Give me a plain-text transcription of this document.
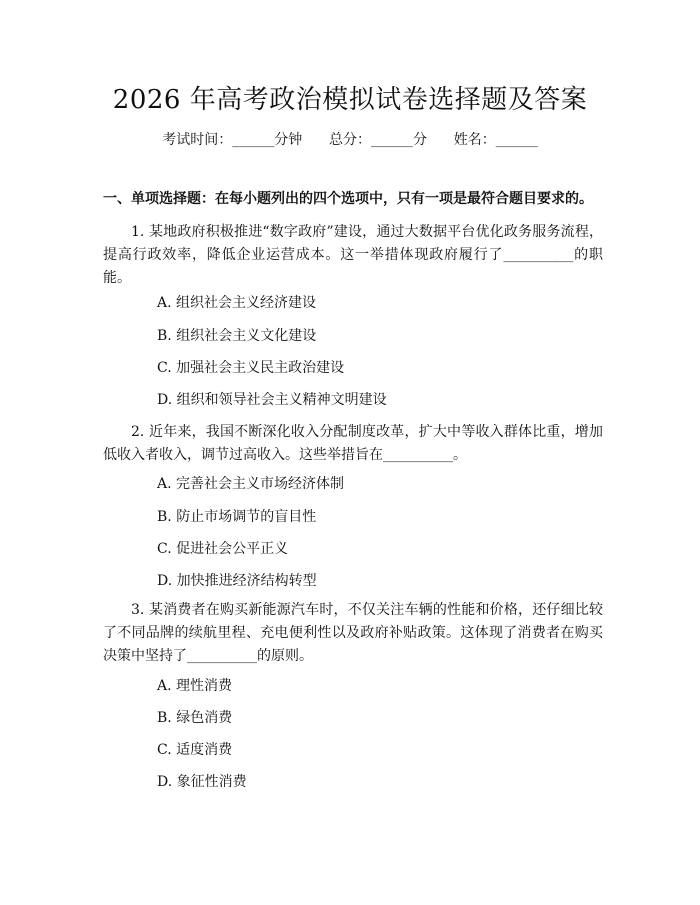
2026 年高考政治模拟试卷选择题及答案
考试时间：______分钟      总分：______分      姓名：______
一、单项选择题：在每小题列出的四个选项中，只有一项是最符合题目要求的。

1. 某地政府积极推进“数字政府”建设，通过大数据平台优化政务服务流程，提高行政效率，降低企业运营成本。这一举措体现政府履行了__________的职能。

A. 组织社会主义经济建设
B. 组织社会主义文化建设
C. 加强社会主义民主政治建设
D. 组织和领导社会主义精神文明建设

2. 近年来，我国不断深化收入分配制度改革，扩大中等收入群体比重，增加低收入者收入，调节过高收入。这些举措旨在__________。

A. 完善社会主义市场经济体制
B. 防止市场调节的盲目性
C. 促进社会公平正义
D. 加快推进经济结构转型

3. 某消费者在购买新能源汽车时，不仅关注车辆的性能和价格，还仔细比较了不同品牌的续航里程、充电便利性以及政府补贴政策。这体现了消费者在购买决策中坚持了__________的原则。

A. 理性消费
B. 绿色消费
C. 适度消费
D. 象征性消费
